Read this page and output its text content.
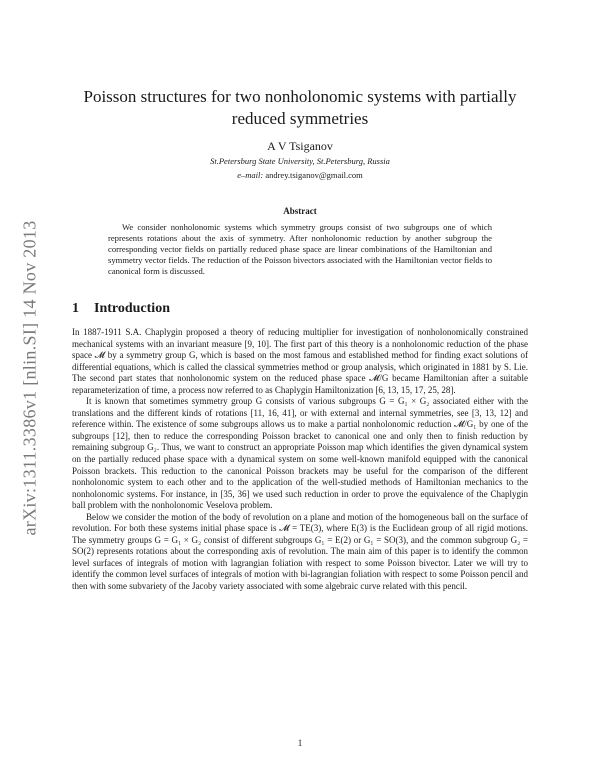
arXiv:1311.3386v1 [nlin.SI] 14 Nov 2013
Poisson structures for two nonholonomic systems with partially reduced symmetries
A V Tsiganov
St.Petersburg State University, St.Petersburg, Russia
e–mail: andrey.tsiganov@gmail.com
Abstract

We consider nonholonomic systems which symmetry groups consist of two subgroups one of which represents rotations about the axis of symmetry. After nonholonomic reduction by another subgroup the corresponding vector fields on partially reduced phase space are linear combinations of the Hamiltonian and symmetry vector fields. The reduction of the Poisson bivectors associated with the Hamiltonian vector fields to canonical form is discussed.

1 Introduction

In 1887-1911 S.A. Chaplygin proposed a theory of reducing multiplier for investigation of nonholonomically constrained mechanical systems with an invariant measure [9, 10]. The first part of this theory is a nonholonomic reduction of the phase space 𝓜 by a symmetry group G, which is based on the most famous and established method for finding exact solutions of differential equations, which is called the classical symmetries method or group analysis, which originated in 1881 by S. Lie. The second part states that nonholonomic system on the reduced phase space 𝓜/G became Hamiltonian after a suitable reparameterization of time, a process now referred to as Chaplygin Hamiltonization [6, 13, 15, 17, 25, 28].

It is known that sometimes symmetry group G consists of various subgroups G = G₁ × G₂ associated either with the translations and the different kinds of rotations [11, 16, 41], or with external and internal symmetries, see [3, 13, 12] and reference within. The existence of some subgroups allows us to make a partial nonholonomic reduction 𝓜/G₁ by one of the subgroups [12], then to reduce the corresponding Poisson bracket to canonical one and only then to finish reduction by remaining subgroup G₂. Thus, we want to construct an appropriate Poisson map which identifies the given dynamical system on the partially reduced phase space with a dynamical system on some well-known manifold equipped with the canonical Poisson brackets. This reduction to the canonical Poisson brackets may be useful for the comparison of the different nonholonomic system to each other and to the application of the well-studied methods of Hamiltonian mechanics to the nonholonomic systems. For instance, in [35, 36] we used such reduction in order to prove the equivalence of the Chaplygin ball problem with the nonholonomic Veselova problem.

Below we consider the motion of the body of revolution on a plane and motion of the homogeneous ball on the surface of revolution. For both these systems initial phase space is 𝓜 = TE(3), where E(3) is the Euclidean group of all rigid motions. The symmetry groups G = G₁ × G₂ consist of different subgroups G₁ = E(2) or G₁ = SO(3), and the common subgroup G₂ = SO(2) represents rotations about the corresponding axis of revolution. The main aim of this paper is to identify the common level surfaces of integrals of motion with lagrangian foliation with respect to some Poisson bivector. Later we will try to identify the common level surfaces of integrals of motion with bi-lagrangian foliation with respect to some Poisson pencil and then with some subvariety of the Jacoby variety associated with some algebraic curve related with this pencil.

1
